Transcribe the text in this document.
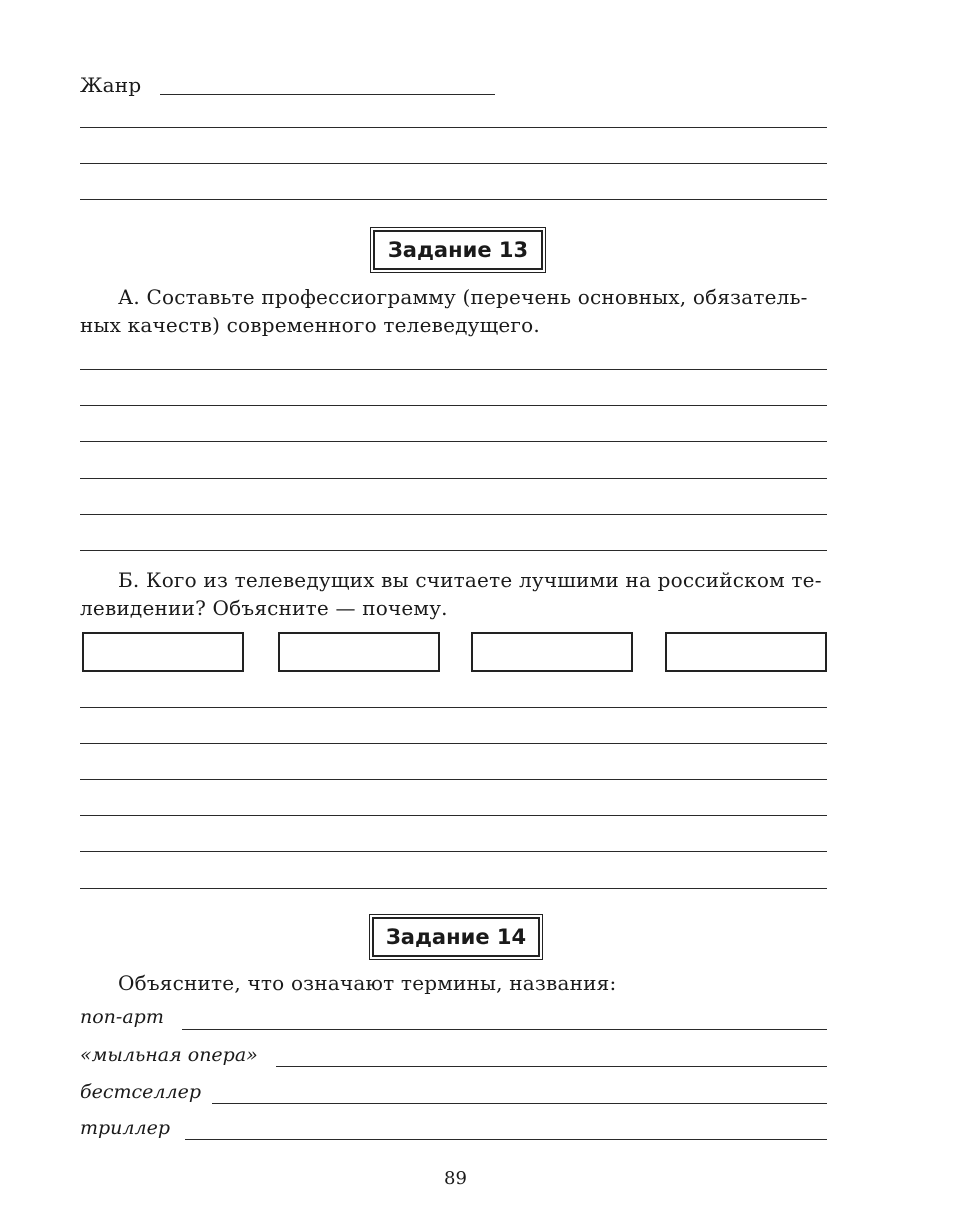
Жанр
Задание 13
А. Составьте профессиограмму (перечень основных, обязатель-
ных качеств) современного телеведущего.
Б. Кого из телеведущих вы считаете лучшими на российском те-
левидении? Объясните — почему.
Задание 14
Объясните, что означают термины, названия:
поп-арт
«мыльная опера»
бестселлер
триллер
89
